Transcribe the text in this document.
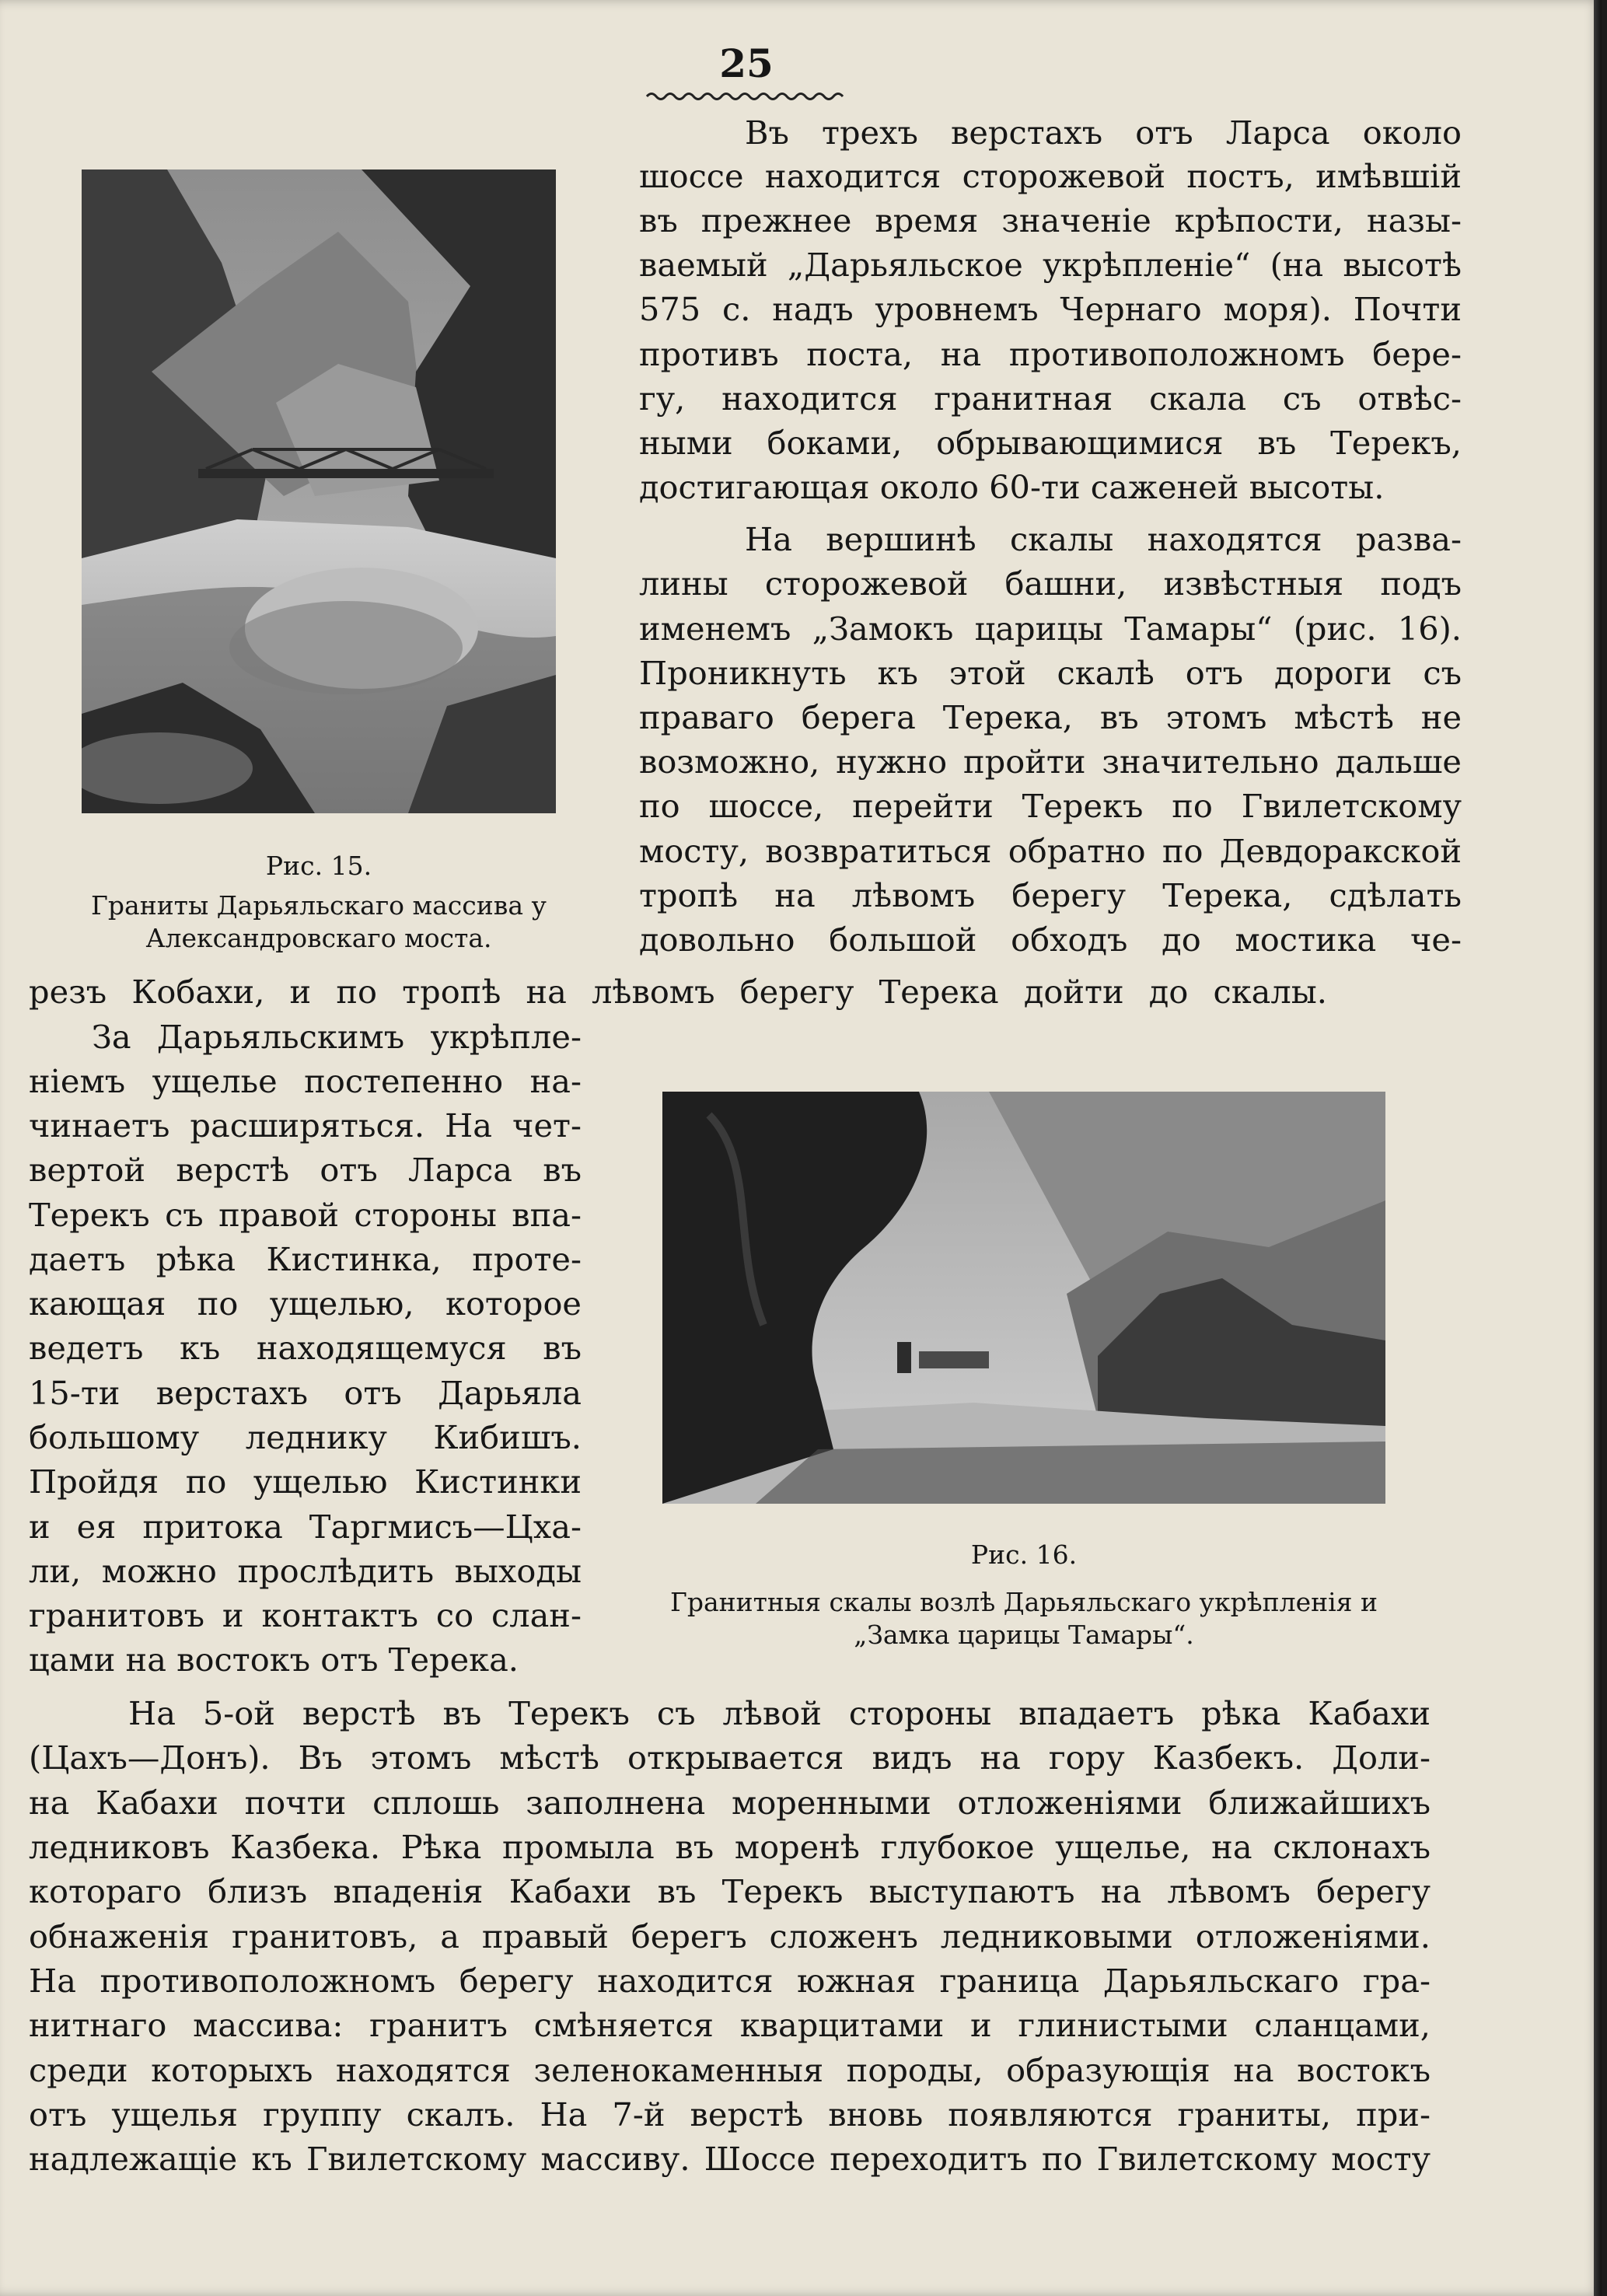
25
Рис. 15.
Граниты Дарьяльскаго массива у
Александровскаго моста.
Рис. 16.
Гранитныя скалы возлѣ Дарьяльскаго укрѣпленія и
„Замка царицы Тамары“.
Въ трехъ верстахъ отъ Ларса около
шоссе находится сторожевой постъ, имѣвшій
въ прежнее время значеніе крѣпости, назы-
ваемый „Дарьяльское укрѣпленіе“ (на высотѣ
575 с. надъ уровнемъ Чернаго моря). Почти
противъ поста, на противоположномъ бере-
гу, находится гранитная скала съ отвѣс-
ными боками, обрывающимися въ Терекъ,
достигающая около 60-ти саженей высоты.
На вершинѣ скалы находятся разва-
лины сторожевой башни, извѣстныя подъ
именемъ „Замокъ царицы Тамары“ (рис. 16).
Проникнуть къ этой скалѣ отъ дороги съ
праваго берега Терека, въ этомъ мѣстѣ не
возможно, нужно пройти значительно дальше
по шоссе, перейти Терекъ по Гвилетскому
мосту, возвратиться обратно по Девдоракской
тропѣ на лѣвомъ берегу Терека, сдѣлать
довольно большой обходъ до мостика че-
резъ Кобахи, и по тропѣ на лѣвомъ берегу Терека дойти до скалы.
За Дарьяльскимъ укрѣпле-
ніемъ ущелье постепенно на-
чинаетъ расширяться. На чет-
вертой верстѣ отъ Ларса въ
Терекъ съ правой стороны впа-
даетъ рѣка Кистинка, проте-
кающая по ущелью, которое
ведетъ къ находящемуся въ
15-ти верстахъ отъ Дарьяла
большому леднику Кибишъ.
Пройдя по ущелью Кистинки
и ея притока Таргмисъ—Цха-
ли, можно прослѣдить выходы
гранитовъ и контактъ со слан-
цами на востокъ отъ Терека.
На 5-ой верстѣ въ Терекъ съ лѣвой стороны впадаетъ рѣка Кабахи
(Цахъ—Донъ). Въ этомъ мѣстѣ открывается видъ на гору Казбекъ. Доли-
на Кабахи почти сплошь заполнена моренными отложеніями ближайшихъ
ледниковъ Казбека. Рѣка промыла въ моренѣ глубокое ущелье, на склонахъ
котораго близъ впаденія Кабахи въ Терекъ выступаютъ на лѣвомъ берегу
обнаженія гранитовъ, а правый берегъ сложенъ ледниковыми отложеніями.
На противоположномъ берегу находится южная граница Дарьяльскаго гра-
нитнаго массива: гранитъ смѣняется кварцитами и глинистыми сланцами,
среди которыхъ находятся зеленокаменныя породы, образующія на востокъ
отъ ущелья группу скалъ. На 7-й верстѣ вновь появляются граниты, при-
надлежащіе къ Гвилетскому массиву. Шоссе переходитъ по Гвилетскому мосту
